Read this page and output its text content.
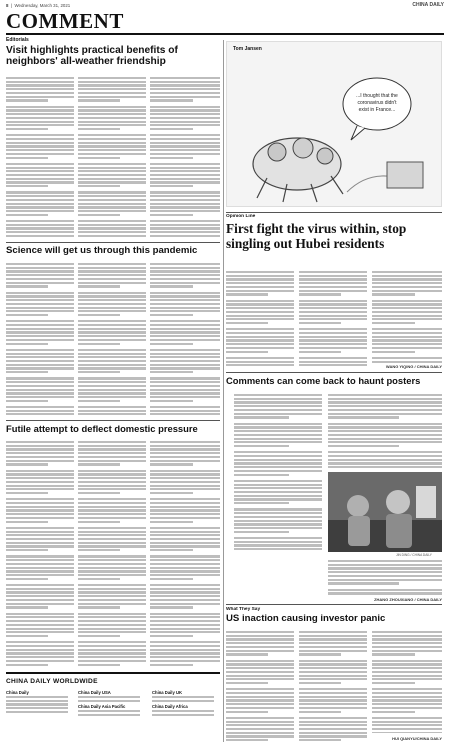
8  |  Wednesday, March 31, 2021	CHINA DAILY
COMMENT
Editorials
Visit highlights practical benefits of neighbors' all-weather friendship
Science will get us through this pandemic
Futile attempt to deflect domestic pressure
CHINA DAILY WORLDWIDE
China Daily	China Daily USA
China Daily Asia Pacific
China Daily UK
China Daily Africa
Tom Jansen
...I thought that the
coronavirus didn't
exist in France...
Opinion Line
First fight the virus within, stop singling out Hubei residents
WANG YIQING / CHINA DAILY
Comments can come back to haunt posters
JIN DING / CHINA DAILY
ZHANG ZHOUXIANG / CHINA DAILY
What They Say
US inaction causing investor panic
HUI QIANYU/CHINA DAILY
